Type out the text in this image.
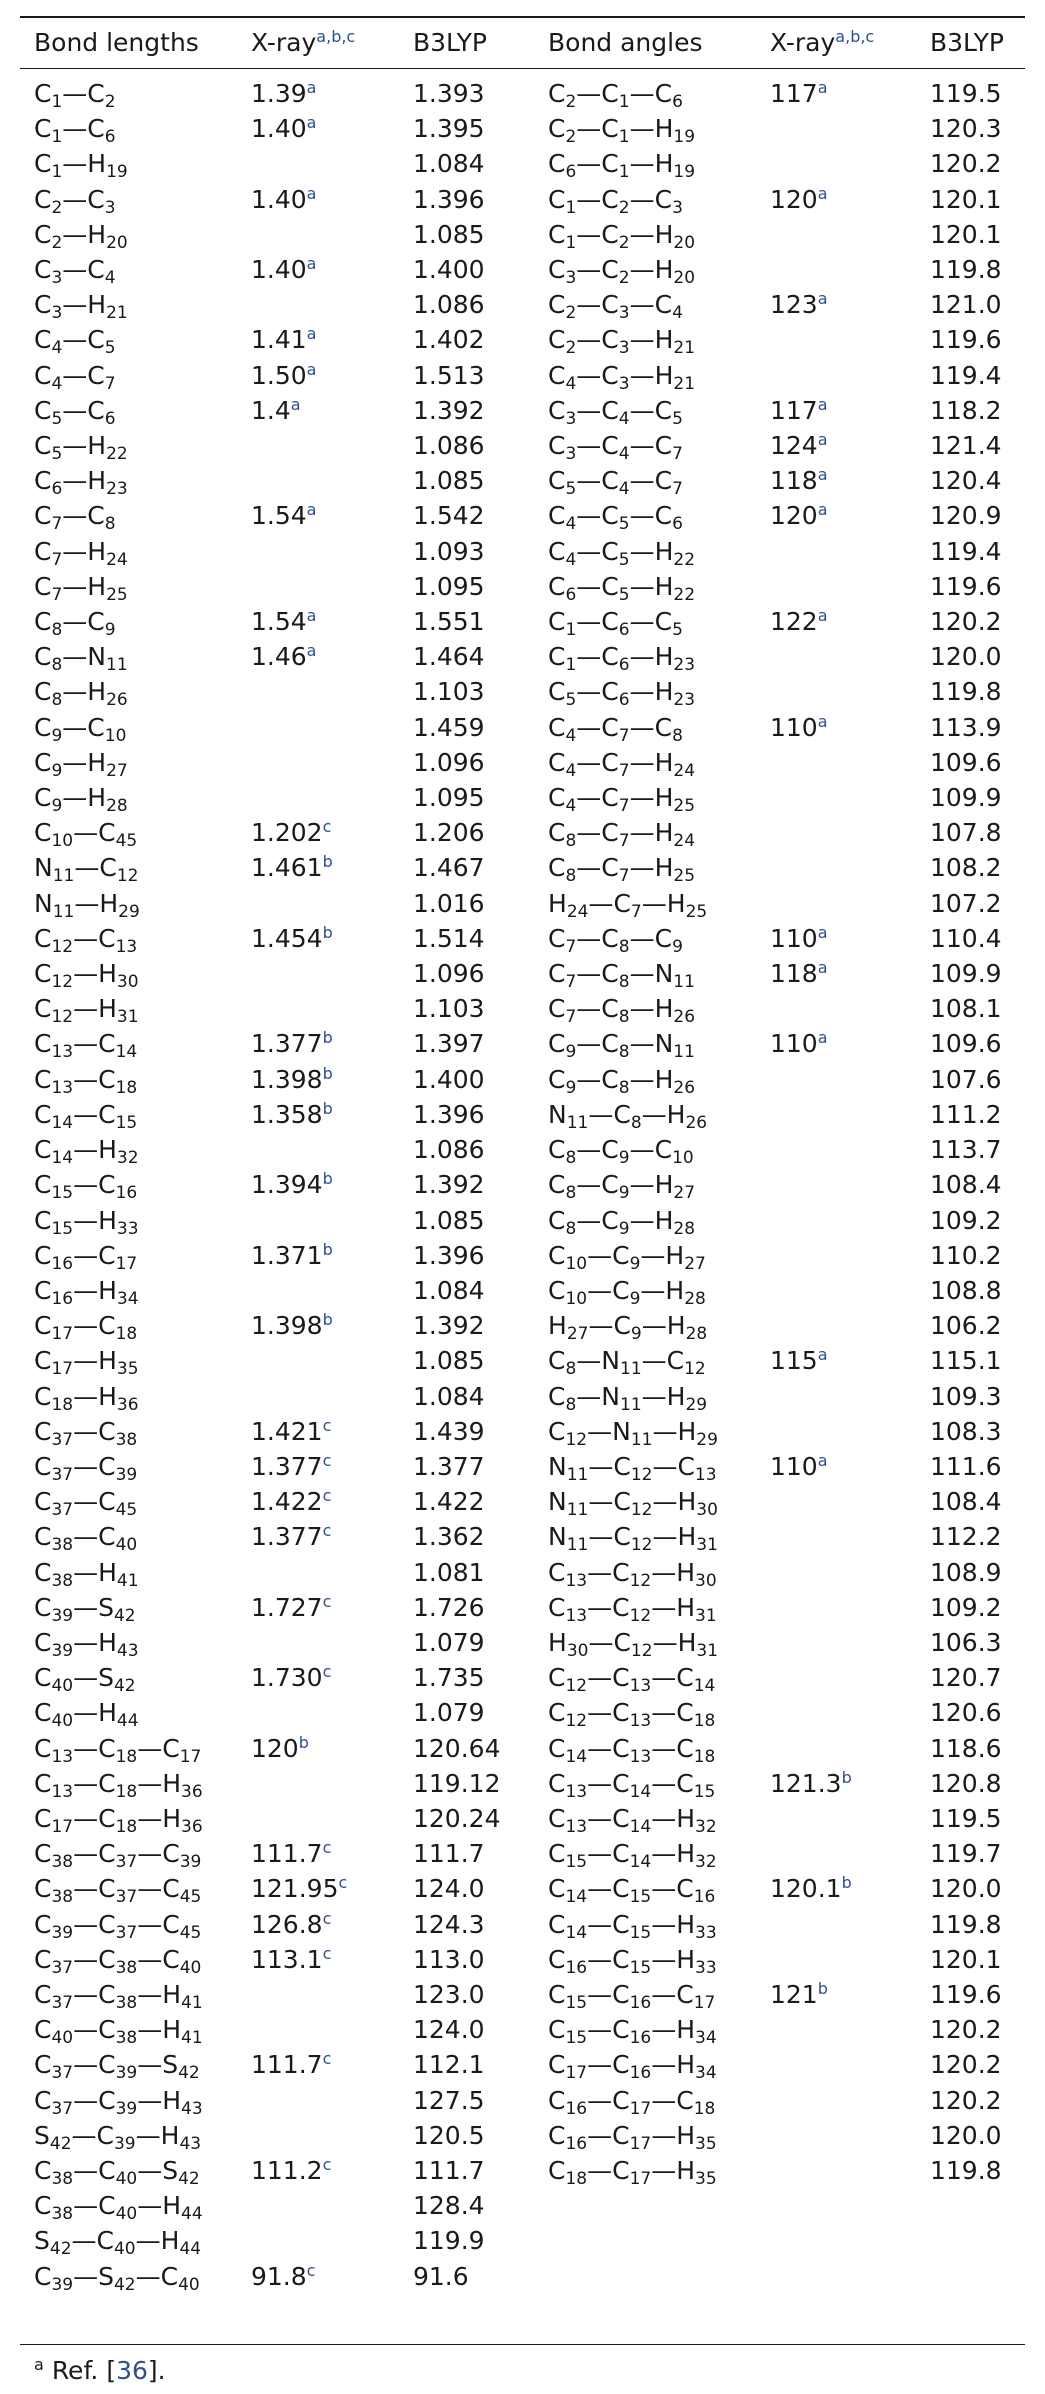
Bond lengths	X-ray$^{a,b,c}$	B3LYP	Bond angles	X-ray$^{a,b,c}$	B3LYP
$C_1—C_2$	1.39$^a$	1.393	$C_2—C_1—C_6$	117$^a$	119.5
$C_1—C_6$	1.40$^a$	1.395	$C_2—C_1—H_{19}$		120.3
$C_1—H_{19}$		1.084	$C_6—C_1—H_{19}$		120.2
$C_2—C_3$	1.40$^a$	1.396	$C_1—C_2—C_3$	120$^a$	120.1
$C_2—H_{20}$		1.085	$C_1—C_2—H_{20}$		120.1
$C_3—C_4$	1.40$^a$	1.400	$C_3—C_2—H_{20}$		119.8
$C_3—H_{21}$		1.086	$C_2—C_3—C_4$	123$^a$	121.0
$C_4—C_5$	1.41$^a$	1.402	$C_2—C_3—H_{21}$		119.6
$C_4—C_7$	1.50$^a$	1.513	$C_4—C_3—H_{21}$		119.4
$C_5—C_6$	1.4$^a$	1.392	$C_3—C_4—C_5$	117$^a$	118.2
$C_5—H_{22}$		1.086	$C_3—C_4—C_7$	124$^a$	121.4
$C_6—H_{23}$		1.085	$C_5—C_4—C_7$	118$^a$	120.4
$C_7—C_8$	1.54$^a$	1.542	$C_4—C_5—C_6$	120$^a$	120.9
$C_7—H_{24}$		1.093	$C_4—C_5—H_{22}$		119.4
$C_7—H_{25}$		1.095	$C_6—C_5—H_{22}$		119.6
$C_8—C_9$	1.54$^a$	1.551	$C_1—C_6—C_5$	122$^a$	120.2
$C_8—N_{11}$	1.46$^a$	1.464	$C_1—C_6—H_{23}$		120.0
$C_8—H_{26}$		1.103	$C_5—C_6—H_{23}$		119.8
$C_9—C_{10}$		1.459	$C_4—C_7—C_8$	110$^a$	113.9
$C_9—H_{27}$		1.096	$C_4—C_7—H_{24}$		109.6
$C_9—H_{28}$		1.095	$C_4—C_7—H_{25}$		109.9
$C_{10}—C_{45}$	1.202$^c$	1.206	$C_8—C_7—H_{24}$		107.8
$N_{11}—C_{12}$	1.461$^b$	1.467	$C_8—C_7—H_{25}$		108.2
$N_{11}—H_{29}$		1.016	$H_{24}—C_7—H_{25}$		107.2
$C_{12}—C_{13}$	1.454$^b$	1.514	$C_7—C_8—C_9$	110$^a$	110.4
$C_{12}—H_{30}$		1.096	$C_7—C_8—N_{11}$	118$^a$	109.9
$C_{12}—H_{31}$		1.103	$C_7—C_8—H_{26}$		108.1
$C_{13}—C_{14}$	1.377$^b$	1.397	$C_9—C_8—N_{11}$	110$^a$	109.6
$C_{13}—C_{18}$	1.398$^b$	1.400	$C_9—C_8—H_{26}$		107.6
$C_{14}—C_{15}$	1.358$^b$	1.396	$N_{11}—C_8—H_{26}$		111.2
$C_{14}—H_{32}$		1.086	$C_8—C_9—C_{10}$		113.7
$C_{15}—C_{16}$	1.394$^b$	1.392	$C_8—C_9—H_{27}$		108.4
$C_{15}—H_{33}$		1.085	$C_8—C_9—H_{28}$		109.2
$C_{16}—C_{17}$	1.371$^b$	1.396	$C_{10}—C_9—H_{27}$		110.2
$C_{16}—H_{34}$		1.084	$C_{10}—C_9—H_{28}$		108.8
$C_{17}—C_{18}$	1.398$^b$	1.392	$H_{27}—C_9—H_{28}$		106.2
$C_{17}—H_{35}$		1.085	$C_8—N_{11}—C_{12}$	115$^a$	115.1
$C_{18}—H_{36}$		1.084	$C_8—N_{11}—H_{29}$		109.3
$C_{37}—C_{38}$	1.421$^c$	1.439	$C_{12}—N_{11}—H_{29}$		108.3
$C_{37}—C_{39}$	1.377$^c$	1.377	$N_{11}—C_{12}—C_{13}$	110$^a$	111.6
$C_{37}—C_{45}$	1.422$^c$	1.422	$N_{11}—C_{12}—H_{30}$		108.4
$C_{38}—C_{40}$	1.377$^c$	1.362	$N_{11}—C_{12}—H_{31}$		112.2
$C_{38}—H_{41}$		1.081	$C_{13}—C_{12}—H_{30}$		108.9
$C_{39}—S_{42}$	1.727$^c$	1.726	$C_{13}—C_{12}—H_{31}$		109.2
$C_{39}—H_{43}$		1.079	$H_{30}—C_{12}—H_{31}$		106.3
$C_{40}—S_{42}$	1.730$^c$	1.735	$C_{12}—C_{13}—C_{14}$		120.7
$C_{40}—H_{44}$		1.079	$C_{12}—C_{13}—C_{18}$		120.6
$C_{13}—C_{18}—C_{17}$	120$^b$	120.64	$C_{14}—C_{13}—C_{18}$		118.6
$C_{13}—C_{18}—H_{36}$		119.12	$C_{13}—C_{14}—C_{15}$	121.3$^b$	120.8
$C_{17}—C_{18}—H_{36}$		120.24	$C_{13}—C_{14}—H_{32}$		119.5
$C_{38}—C_{37}—C_{39}$	111.7$^c$	111.7	$C_{15}—C_{14}—H_{32}$		119.7
$C_{38}—C_{37}—C_{45}$	121.95$^c$	124.0	$C_{14}—C_{15}—C_{16}$	120.1$^b$	120.0
$C_{39}—C_{37}—C_{45}$	126.8$^c$	124.3	$C_{14}—C_{15}—H_{33}$		119.8
$C_{37}—C_{38}—C_{40}$	113.1$^c$	113.0	$C_{16}—C_{15}—H_{33}$		120.1
$C_{37}—C_{38}—H_{41}$		123.0	$C_{15}—C_{16}—C_{17}$	121$^b$	119.6
$C_{40}—C_{38}—H_{41}$		124.0	$C_{15}—C_{16}—H_{34}$		120.2
$C_{37}—C_{39}—S_{42}$	111.7$^c$	112.1	$C_{17}—C_{16}—H_{34}$		120.2
$C_{37}—C_{39}—H_{43}$		127.5	$C_{16}—C_{17}—C_{18}$		120.2
$S_{42}—C_{39}—H_{43}$		120.5	$C_{16}—C_{17}—H_{35}$		120.0
$C_{38}—C_{40}—S_{42}$	111.2$^c$	111.7	$C_{18}—C_{17}—H_{35}$		119.8
$C_{38}—C_{40}—H_{44}$		128.4			
$S_{42}—C_{40}—H_{44}$		119.9			
$C_{39}—S_{42}—C_{40}$	91.8$^c$	91.6			
$^a$ Ref. [36].
